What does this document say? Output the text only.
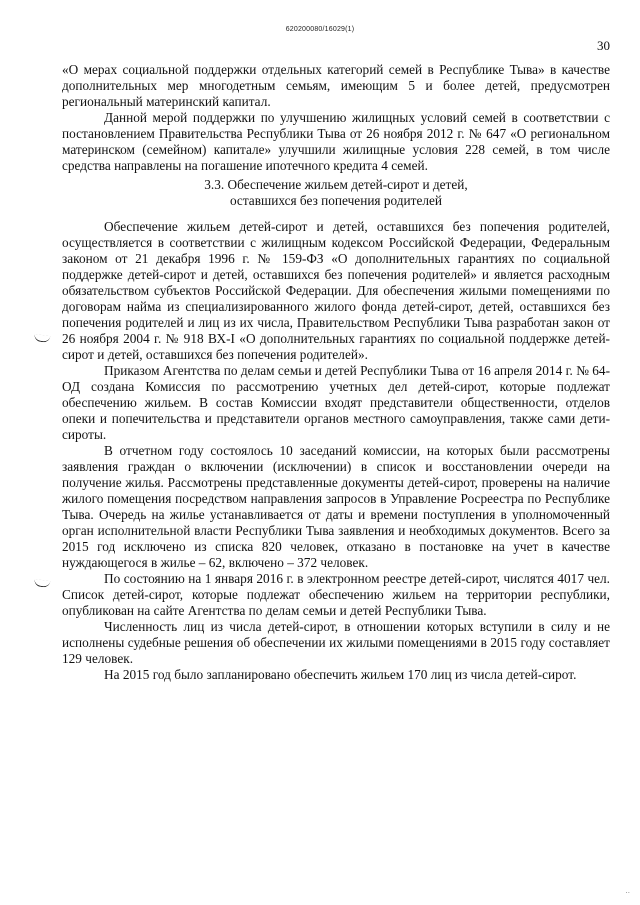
620200080/16029(1)
30

«О мерах социальной поддержки отдельных категорий семей в Республике Тыва» в качестве дополнительных мер многодетным семьям, имеющим 5 и более детей, предусмотрен региональный материнский капитал.

Данной мерой поддержки по улучшению жилищных условий семей в соответствии с постановлением Правительства Республики Тыва от 26 ноября 2012 г. № 647 «О региональном материнском (семейном) капитале» улучшили жилищные условия 228 семей, в том числе средства направлены на погашение ипотечного кредита 4 семей.

3.3. Обеспечение жильем детей-сирот и детей,
оставшихся без попечения родителей

Обеспечение жильем детей-сирот и детей, оставшихся без попечения родителей, осуществляется в соответствии с жилищным кодексом Российской Федерации, Федеральным законом от 21 декабря 1996 г. № 159-ФЗ «О дополнительных гарантиях по социальной поддержке детей-сирот и детей, оставшихся без попечения родителей» и является расходным обязательством субъектов Российской Федерации. Для обеспечения жилыми помещениями по договорам найма из специализированного жилого фонда детей-сирот, детей, оставшихся без попечения родителей и лиц из их числа, Правительством Республики Тыва разработан закон от 26 ноября 2004 г. № 918 ВХ-I «О дополнительных гарантиях по социальной поддержке детей-сирот и детей, оставшихся без попечения родителей».

Приказом Агентства по делам семьи и детей Республики Тыва от 16 апреля 2014 г. № 64-ОД создана Комиссия по рассмотрению учетных дел детей-сирот, которые подлежат обеспечению жильем. В состав Комиссии входят представители общественности, отделов опеки и попечительства и представители органов местного самоуправления, также сами дети-сироты.

В отчетном году состоялось 10 заседаний комиссии, на которых были рассмотрены заявления граждан о включении (исключении) в список и восстановлении очереди на получение жилья. Рассмотрены представленные документы детей-сирот, проверены на наличие жилого помещения посредством направления запросов в Управление Росреестра по Республике Тыва. Очередь на жилье устанавливается от даты и времени поступления в уполномоченный орган исполнительной власти Республики Тыва заявления и необходимых документов. Всего за 2015 год исключено из списка 820 человек, отказано в постановке на учет в качестве нуждающегося в жилье – 62, включено – 372 человек.

По состоянию на 1 января 2016 г. в электронном реестре детей-сирот, числятся 4017 чел. Список детей-сирот, которые подлежат обеспечению жильем на территории республики, опубликован на сайте Агентства по делам семьи и детей Республики Тыва.

Численность лиц из числа детей-сирот, в отношении которых вступили в силу и не исполнены судебные решения об обеспечении их жилыми помещениями в 2015 году составляет 129 человек.

На 2015 год было запланировано обеспечить жильем 170 лиц из числа детей-сирот.

··
